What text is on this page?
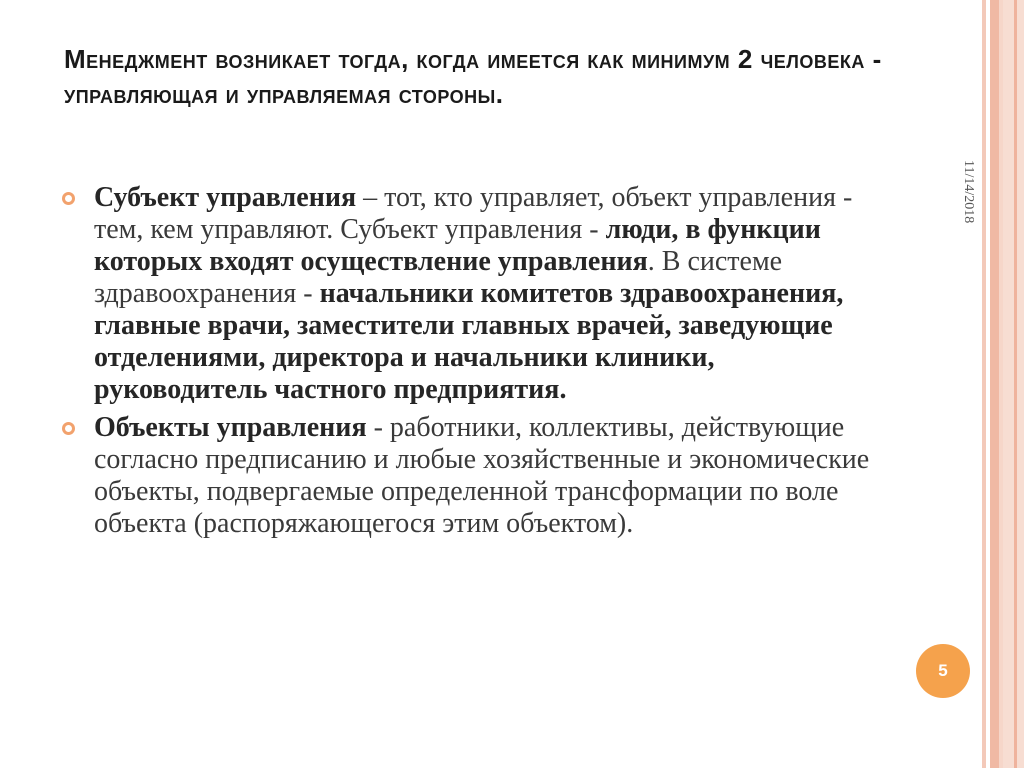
Менеджмент возникает тогда, когда имеется как минимум 2 человека - управляющая и управляемая стороны.
11/14/2018
Субъект управления – тот, кто управляет, объект управления - тем, кем управляют. Субъект управления - люди, в функции которых входят осуществление управления. В системе здравоохранения - начальники комитетов здравоохранения, главные врачи, заместители главных врачей, заведующие отделениями, директора и начальники клиники, руководитель частного предприятия.
Объекты управления - работники, коллективы, действующие согласно предписанию и любые хозяйственные и экономические объекты, подвергаемые определенной трансформации по воле объекта (распоряжающегося этим объектом).
5
